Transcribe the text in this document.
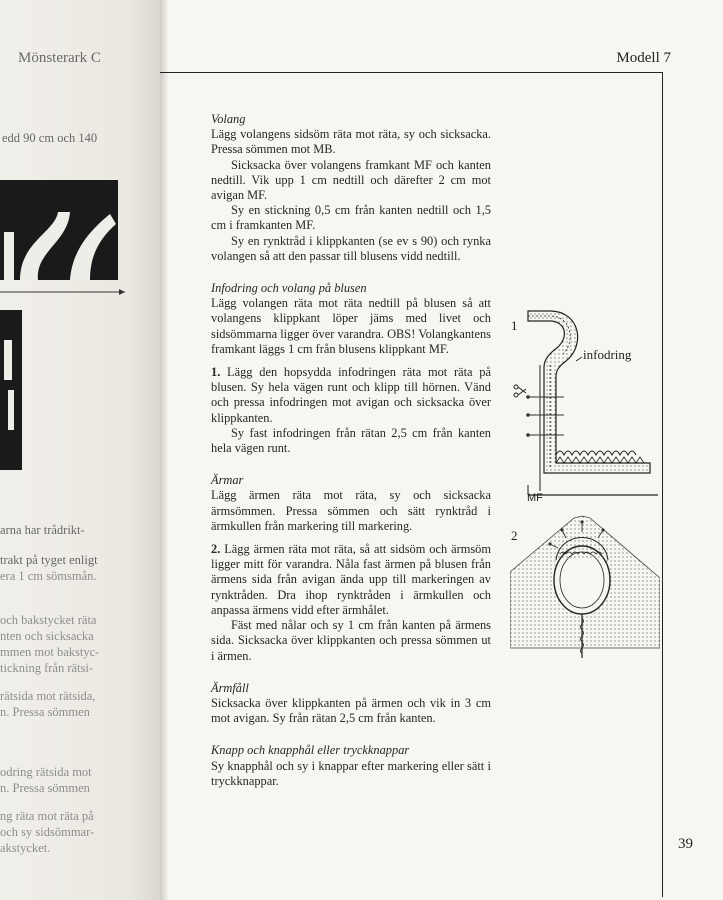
Mönsterark C
edd 90 cm och 140
arna har trådrikt-
trakt på tyget enligt
era 1 cm sömsmån.
och bakstycket räta
nten och sicksacka
mmen mot bakstyc-
tickning från rätsi-
rätsida mot rätsida,
n. Pressa sömmen
odring rätsida mot
n. Pressa sömmen
ng räta mot räta på
och sy sidsömmar-
akstycket.
Modell 7
39
Volang

Lägg volangens sidsöm räta mot räta, sy och sicksacka. Pressa sömmen mot MB.

Sicksacka över volangens framkant MF och kanten nedtill. Vik upp 1 cm nedtill och därefter 2 cm mot avigan MF.

Sy en stickning 0,5 cm från kanten nedtill och 1,5 cm i framkanten MF.

Sy en rynktråd i klippkanten (se ev s 90) och rynka volangen så att den passar till blusens vidd nedtill.

Infodring och volang på blusen

Lägg volangen räta mot räta nedtill på blusen så att volangens klippkant löper jäms med livet och sidsömmarna ligger över varandra. OBS! Volangkantens framkant läggs 1 cm från blusens klippkant MF.

1. Lägg den hopsydda infodringen räta mot räta på blusen. Sy hela vägen runt och klipp till hörnen. Vänd och pressa infodringen mot avigan och sicksacka över klippkanten.

Sy fast infodringen från rätan 2,5 cm från kanten hela vägen runt.

Ärmar

Lägg ärmen räta mot räta, sy och sicksacka ärmsömmen. Pressa sömmen och sätt rynktråd i ärmkullen från markering till markering.

2. Lägg ärmen räta mot räta, så att sidsöm och ärmsöm ligger mitt för varandra. Nåla fast ärmen på blusen från ärmens sida från avigan ända upp till markeringen av rynktråden. Dra ihop rynktråden i ärmkullen och anpassa ärmens vidd efter ärmhålet.

Fäst med nålar och sy 1 cm från kanten på ärmens sida. Sicksacka över klippkanten och pressa sömmen ut i ärmen.

Ärmfåll

Sicksacka över klippkanten på ärmen och vik in 3 cm mot avigan. Sy från rätan 2,5 cm från kanten.

Knapp och knapphål eller tryckknappar

Sy knapphål och sy i knappar efter markering eller sätt i tryckknappar.

1
infodring
MF
2
